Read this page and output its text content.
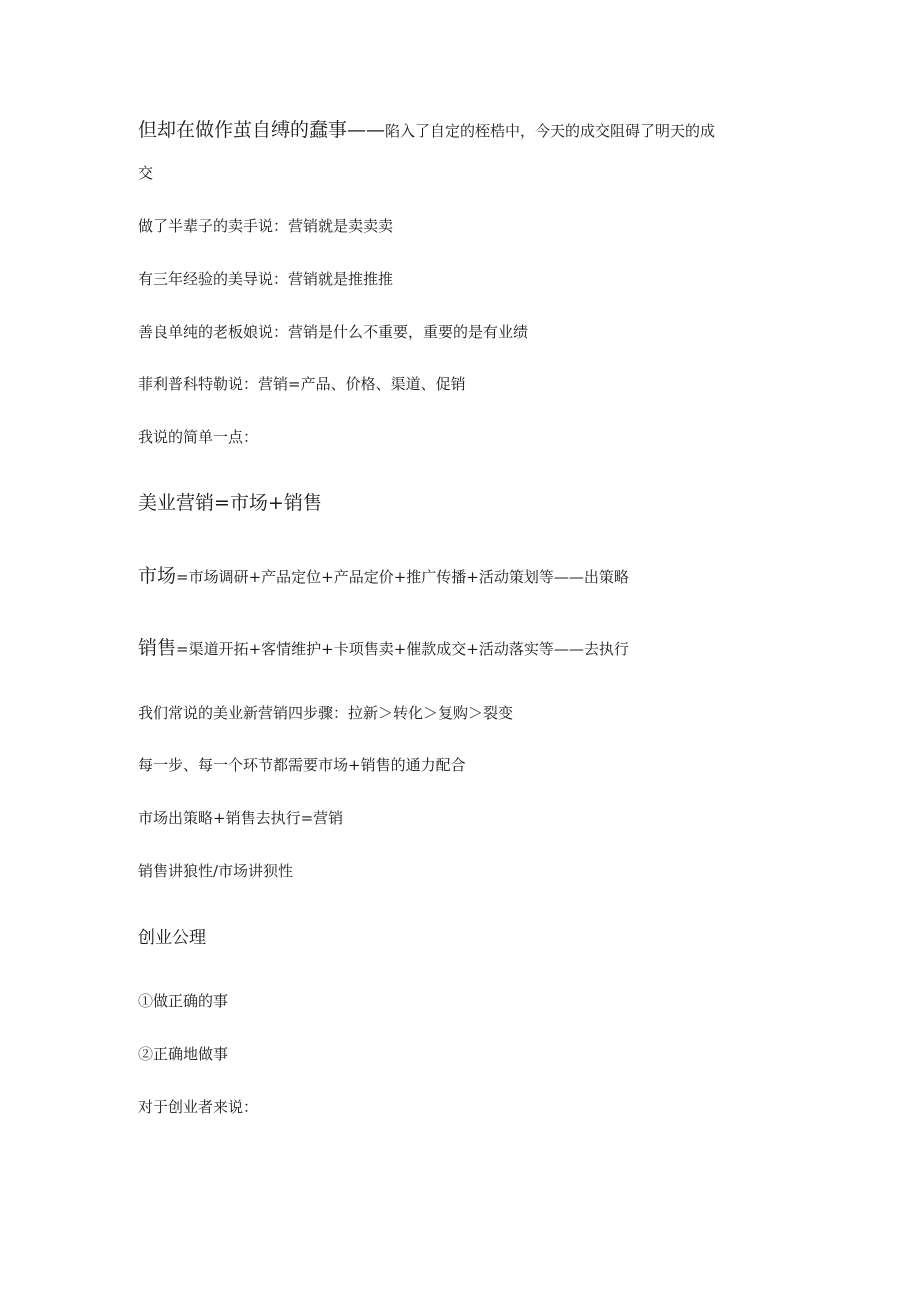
但却在做作茧自缚的蠢事——陷入了自定的桎梏中，今天的成交阻碍了明天的成

交

做了半辈子的卖手说：营销就是卖卖卖

有三年经验的美导说：营销就是推推推

善良单纯的老板娘说：营销是什么不重要，重要的是有业绩

菲利普科特勒说：营销=产品、价格、渠道、促销

我说的简单一点：

美业营销=市场+销售

市场=市场调研+产品定位+产品定价+推广传播+活动策划等——出策略

销售=渠道开拓+客情维护+卡项售卖+催款成交+活动落实等——去执行

我们常说的美业新营销四步骤：拉新＞转化＞复购＞裂变

每一步、每一个环节都需要市场+销售的通力配合

市场出策略+销售去执行=营销

销售讲狼性/市场讲狈性

创业公理

①做正确的事

②正确地做事

对于创业者来说：
